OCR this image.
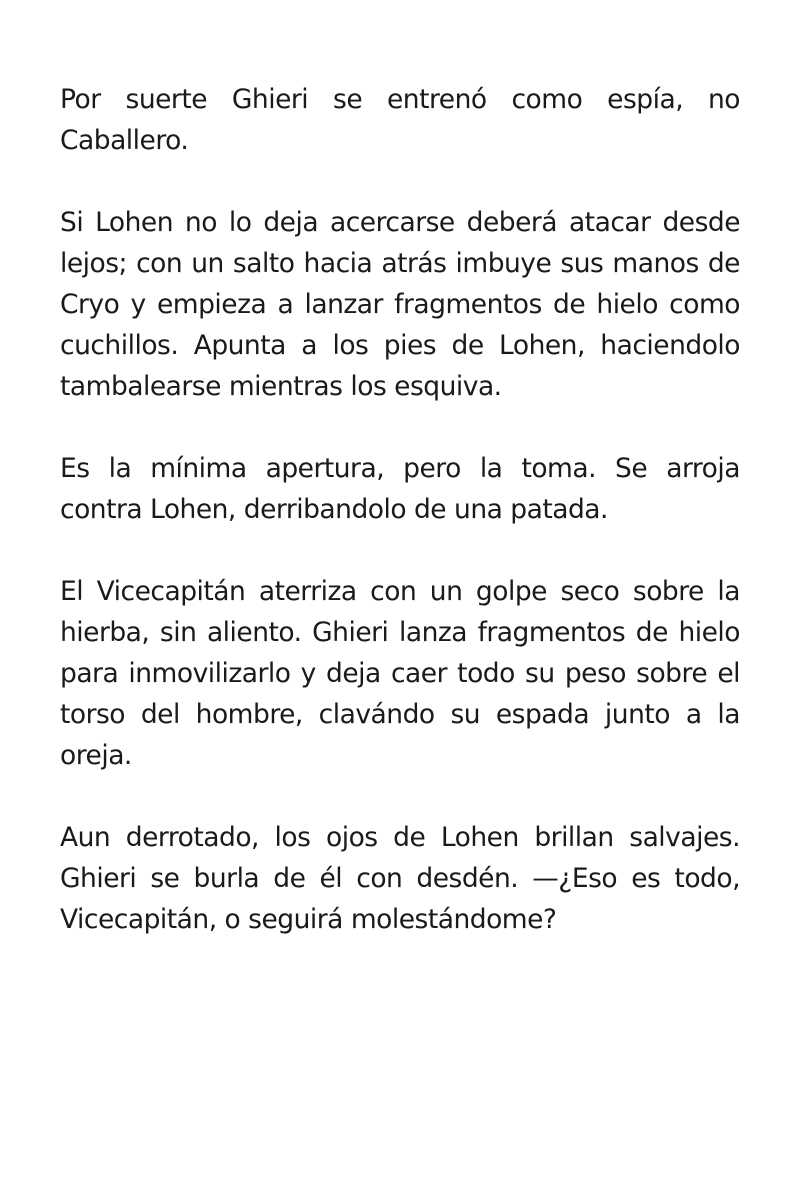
Por suerte Ghieri se entrenó como espía, no Caballero.

Si Lohen no lo deja acercarse deberá atacar desde lejos; con un salto hacia atrás imbuye sus manos de Cryo y empieza a lanzar fragmentos de hielo como cuchillos. Apunta a los pies de Lohen, haciendolo tambalearse mientras los esquiva.

Es la mínima apertura, pero la toma. Se arroja contra Lohen, derribandolo de una patada.

El Vicecapitán aterriza con un golpe seco sobre la hierba, sin aliento. Ghieri lanza fragmentos de hielo para inmovilizarlo y deja caer todo su peso sobre el torso del hombre, clavándo su espada junto a la oreja.

Aun derrotado, los ojos de Lohen brillan salvajes. Ghieri se burla de él con desdén. —¿Eso es todo, Vicecapitán, o seguirá molestándome?
